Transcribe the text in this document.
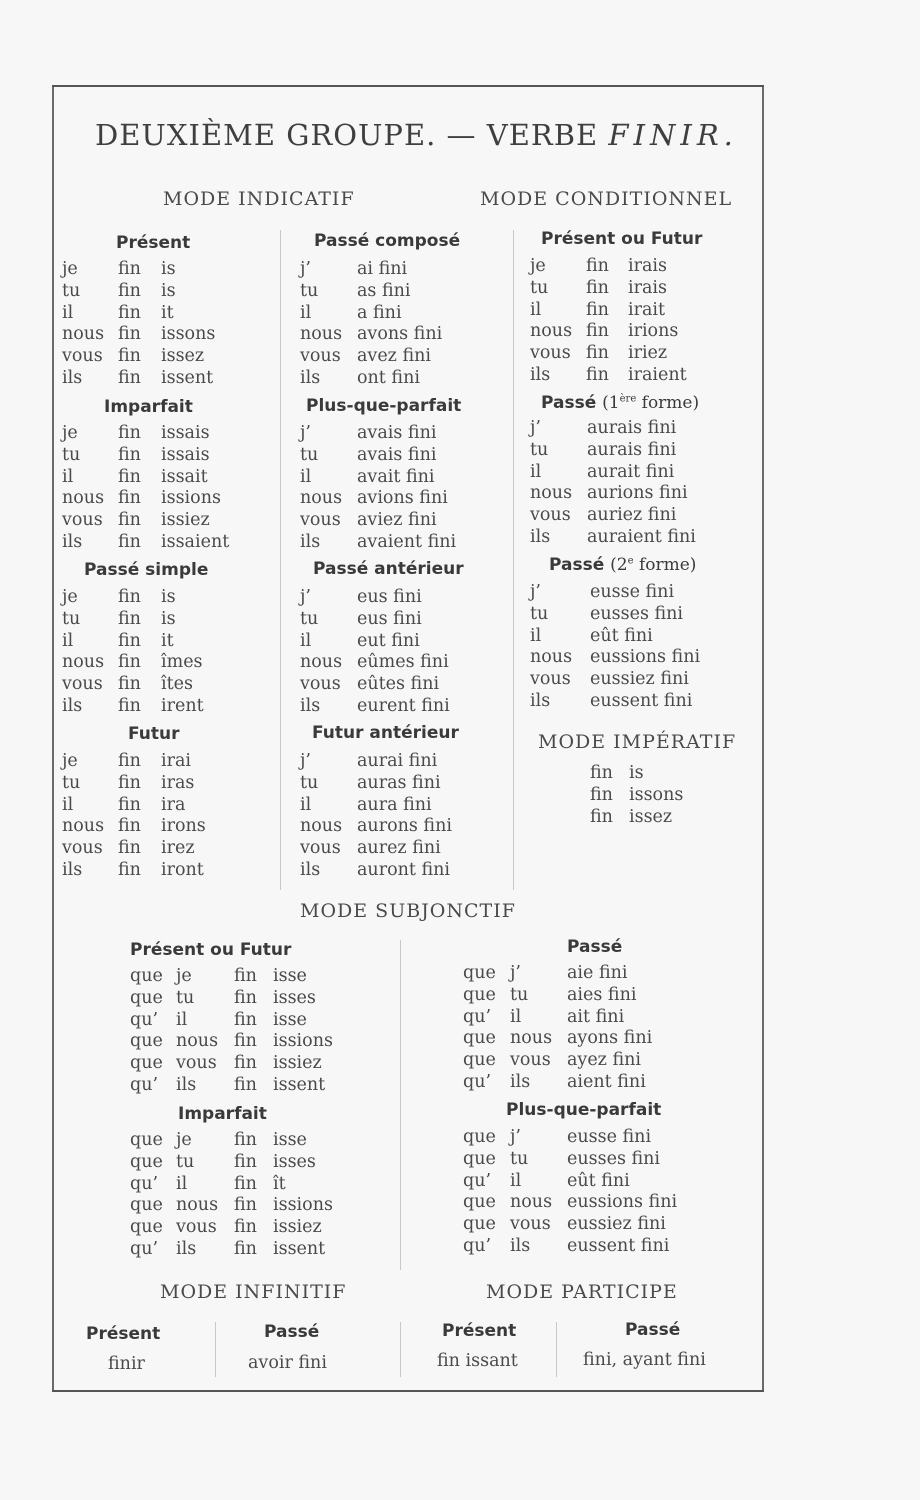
DEUXIÈME GROUPE. — VERBE FINIR.
MODE INDICATIF	MODE CONDITIONNEL
Présent
Imparfait
Passé simple
Futur
Passé composé
Plus-que-parfait
Passé antérieur
Futur antérieur
Présent ou Futur
Passé (1ère forme)
Passé (2e forme)
MODE IMPÉRATIF
je fin is
tu fin is
il	fin it
nous fin issons
vous fin issez
ils fin issent
je fin issais
tu fin issais
il	fin issait
nous fin issions
vous fin issiez
ils fin issaient
je fin is
tu fin is
il	fin it
nous fin îmes
vous fin îtes
ils fin irent
je fin irai
tu fin iras
il	fin ira
nous fin irons
vous fin irez
ils fin iront
j’	ai fini
tu as fini
il	a fini
nous avons fini
vous avez fini
ils ont fini
j’	avais fini
tu avais fini
il	avait fini
nous avions fini
vous aviez fini
ils avaient fini
j’	eus fini
tu eus fini
il	eut fini
nous eûmes fini
vous eûtes fini
ils eurent fini
j’	aurai fini
tu auras fini
il	aura fini
nous aurons fini
vous aurez fini
ils auront fini
je fin irais
tu fin irais
il	fin irait
nous fin irions
vous fin iriez
ils fin iraient
j’	aurais fini
tu aurais fini
il	aurait fini
nous aurions fini
vous auriez fini
ils auraient fini
j’	eusse fini
tu eusses fini
il	eût fini
nous eussions fini
vous eussiez fini
ils eussent fini
fin is
fin issons
fin issez
MODE SUBJONCTIF
Présent ou Futur
Imparfait
Passé
Plus-que-parfait
que je fin isse
que tu fin isses
qu’ il	fin isse
que nous fin issions
que vous fin issiez
qu’ ils fin issent
que je fin isse
que tu fin isses
qu’ il	fin ît
que nous fin issions
que vous fin issiez
qu’ ils fin issent
que j’	aie fini
que tu aies fini
qu’ il	ait fini
que nous ayons fini
que vous ayez fini
qu’ ils aient fini
que j’	eusse fini
que tu eusses fini
qu’ il	eût fini
que nous eussions fini
que vous eussiez fini
qu’ ils eussent fini
MODE INFINITIF	MODE PARTICIPE
Présent	Passé	Présent	Passé
finir	avoir fini	fin issant	fini, ayant fini
